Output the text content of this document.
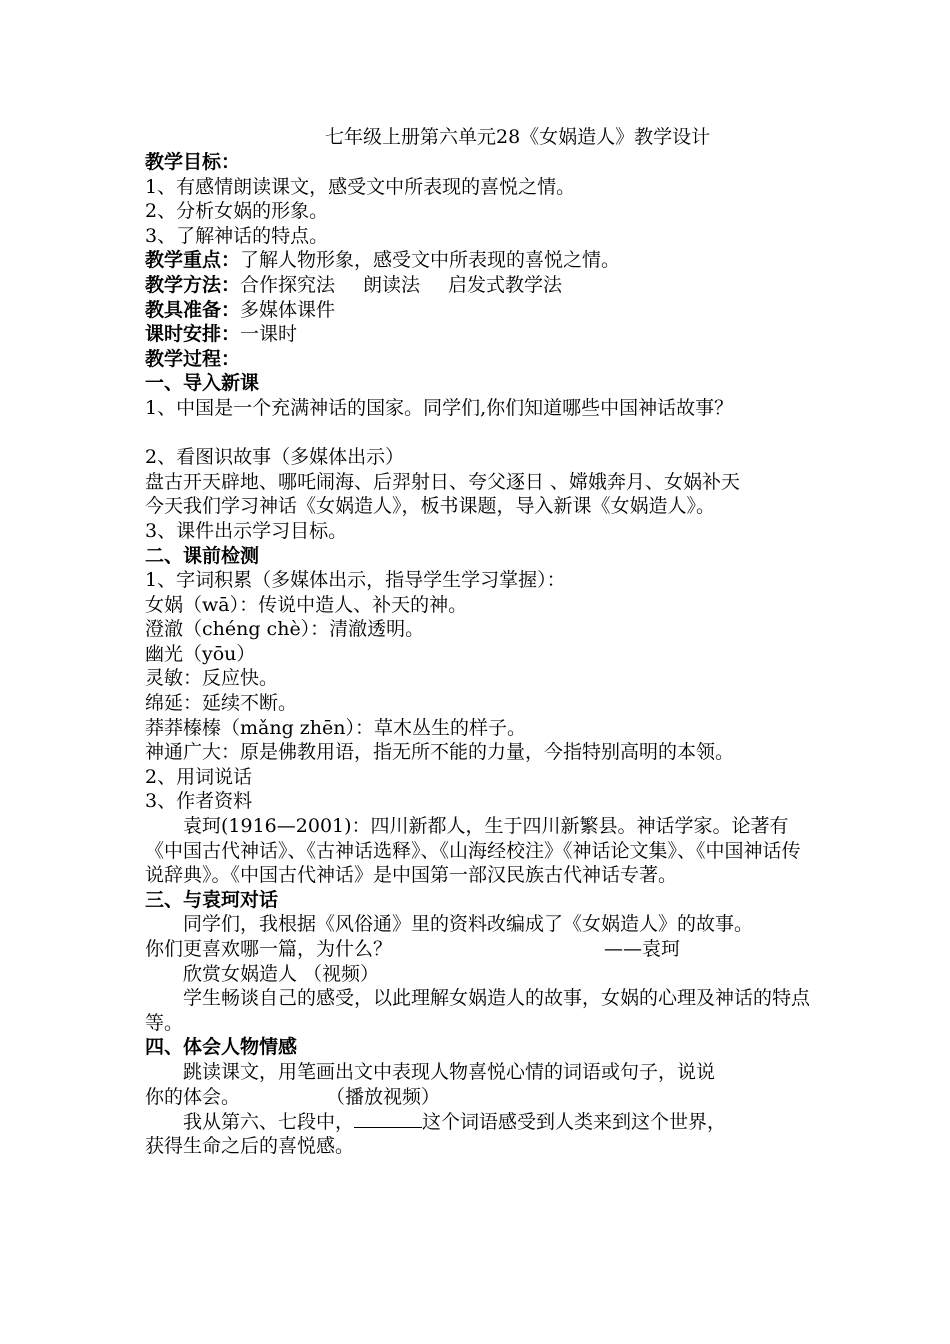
七年级上册第六单元28《女娲造人》教学设计
教学目标：
1、有感情朗读课文，感受文中所表现的喜悦之情。
2、分析女娲的形象。
3、了解神话的特点。
教学重点：了解人物形象，感受文中所表现的喜悦之情。
教学方法：合作探究法 朗读法 启发式教学法
教具准备：多媒体课件
课时安排：一课时
教学过程：
一、导入新课
1、中国是一个充满神话的国家。同学们,你们知道哪些中国神话故事？
2、看图识故事（多媒体出示）
盘古开天辟地、哪吒闹海、后羿射日、夸父逐日 、嫦娥奔月、女娲补天
今天我们学习神话《女娲造人》，板书课题，导入新课《女娲造人》。
3、课件出示学习目标。
二、课前检测
1、字词积累（多媒体出示，指导学生学习掌握）：
女娲（wā）：传说中造人、补天的神。
澄澈（chéng chè）：清澈透明。
幽光（yōu）
灵敏：反应快。
绵延：延续不断。
莽莽榛榛（mǎng zhēn）：草木丛生的样子。
神通广大：原是佛教用语，指无所不能的力量，今指特别高明的本领。
2、用词说话
3、作者资料
袁珂(1916—2001)：四川新都人，生于四川新繁县。神话学家。论著有《中国古代神话》、《古神话选释》、《山海经校注》《神话论文集》、《中国神话传说辞典》。《中国古代神话》是中国第一部汉民族古代神话专著。
三、与袁珂对话
同学们，我根据《风俗通》里的资料改编成了《女娲造人》的故事。
你们更喜欢哪一篇，为什么？	——袁珂
欣赏女娲造人 （视频）
学生畅谈自己的感受，以此理解女娲造人的故事，女娲的心理及神话的特点等。
四、体会人物情感
跳读课文，用笔画出文中表现人物喜悦心情的词语或句子，说说
你的体会。	（播放视频）
我从第六、七段中，	这个词语感受到人类来到这个世界，
获得生命之后的喜悦感。
